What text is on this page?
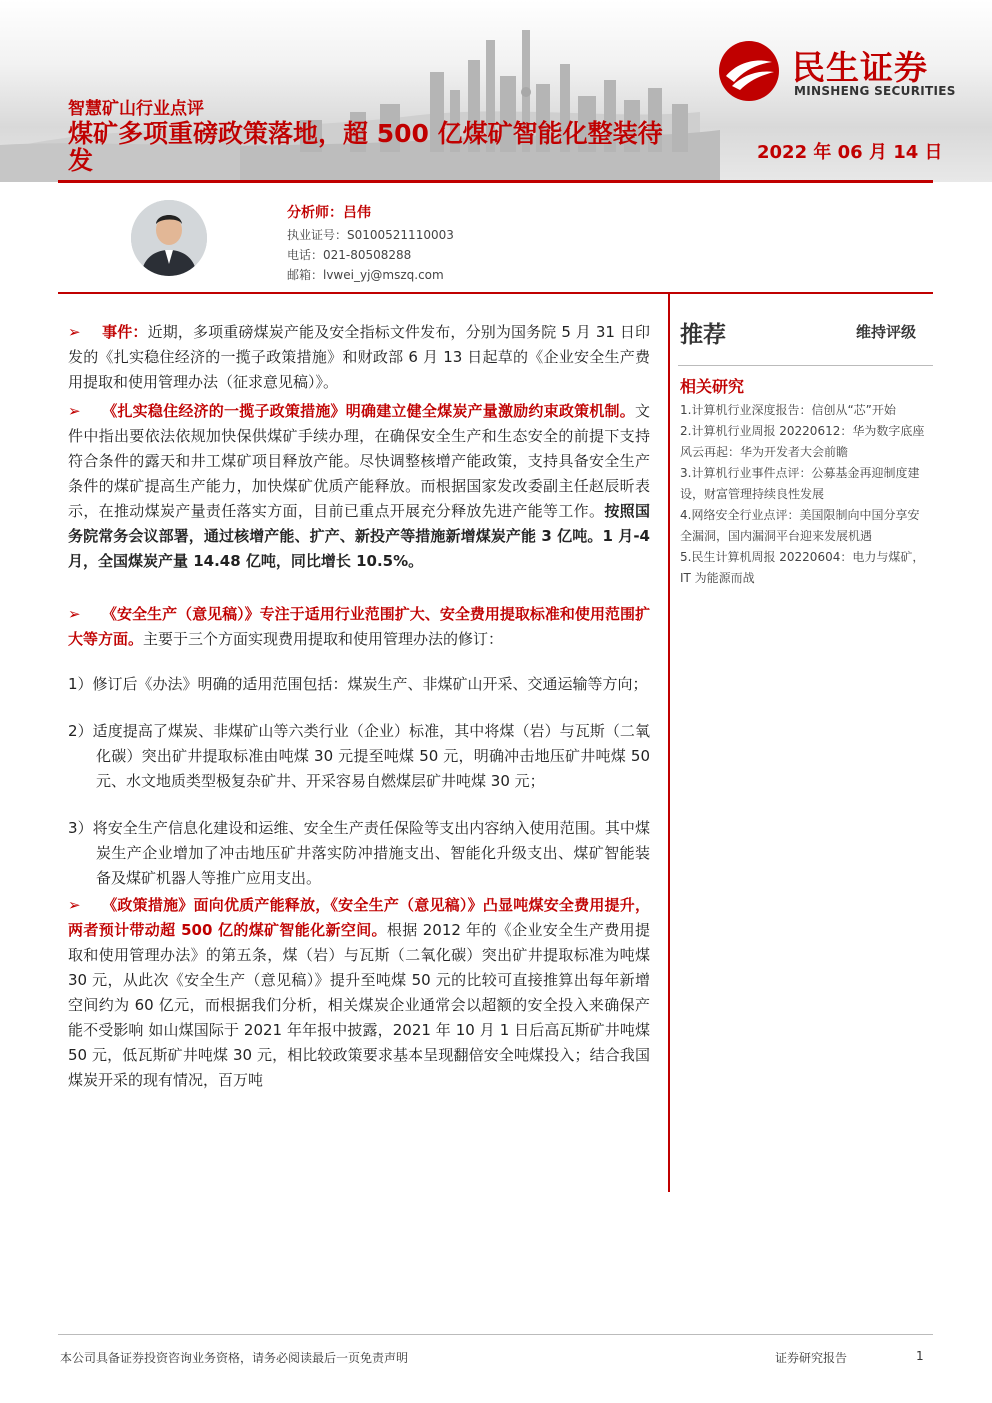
智慧矿山行业点评
煤矿多项重磅政策落地，超 500 亿煤矿智能化整装待发	2022 年 06 月 14 日
民生证券
MINSHENG SECURITIES
分析师：吕伟
执业证号：S0100521110003
电话：021-80508288
邮箱：lvwei_yj@mszq.com

➢ 事件：近期，多项重磅煤炭产能及安全指标文件发布，分别为国务院 5 月 31 日印发的《扎实稳住经济的一揽子政策措施》和财政部 6 月 13 日起草的《企业安全生产费用提取和使用管理办法（征求意见稿）》。

➢ 《扎实稳住经济的一揽子政策措施》明确建立健全煤炭产量激励约束政策机制。文件中指出要依法依规加快保供煤矿手续办理，在确保安全生产和生态安全的前提下支持符合条件的露天和井工煤矿项目释放产能。尽快调整核增产能政策，支持具备安全生产条件的煤矿提高生产能力，加快煤矿优质产能释放。而根据国家发改委副主任赵辰昕表示，在推动煤炭产量责任落实方面，目前已重点开展充分释放先进产能等工作。按照国务院常务会议部署，通过核增产能、扩产、新投产等措施新增煤炭产能 3 亿吨。1 月-4 月，全国煤炭产量 14.48 亿吨，同比增长 10.5%。

➢ 《安全生产（意见稿）》专注于适用行业范围扩大、安全费用提取标准和使用范围扩大等方面。主要于三个方面实现费用提取和使用管理办法的修订：

1）修订后《办法》明确的适用范围包括：煤炭生产、非煤矿山开采、交通运输等方向；

2）适度提高了煤炭、非煤矿山等六类行业（企业）标准，其中将煤（岩）与瓦斯（二氧化碳）突出矿井提取标准由吨煤 30 元提至吨煤 50 元，明确冲击地压矿井吨煤 50 元、水文地质类型极复杂矿井、开采容易自燃煤层矿井吨煤 30 元；

3）将安全生产信息化建设和运维、安全生产责任保险等支出内容纳入使用范围。其中煤炭生产企业增加了冲击地压矿井落实防冲措施支出、智能化升级支出、煤矿智能装备及煤矿机器人等推广应用支出。

➢ 《政策措施》面向优质产能释放，《安全生产（意见稿）》凸显吨煤安全费用提升，两者预计带动超 500 亿的煤矿智能化新空间。根据 2012 年的《企业安全生产费用提取和使用管理办法》的第五条，煤（岩）与瓦斯（二氧化碳）突出矿井提取标准为吨煤 30 元，从此次《安全生产（意见稿）》提升至吨煤 50 元的比较可直接推算出每年新增空间约为 60 亿元，而根据我们分析，相关煤炭企业通常会以超额的安全投入来确保产能不受影响 如山煤国际于 2021 年年报中披露，2021 年 10 月 1 日后高瓦斯矿井吨煤 50 元，低瓦斯矿井吨煤 30 元，相比较政策要求基本呈现翻倍安全吨煤投入；结合我国煤炭开采的现有情况，百万吨

推荐	维持评级
相关研究
1.计算机行业深度报告：信创从“芯”开始
2.计算机行业周报 20220612：华为数字底座风云再起：华为开发者大会前瞻
3.计算机行业事件点评：公募基金再迎制度建设，财富管理持续良性发展
4.网络安全行业点评：美国限制向中国分享安全漏洞，国内漏洞平台迎来发展机遇
5.民生计算机周报 20220604：电力与煤矿，IT 为能源而战
本公司具备证券投资咨询业务资格，请务必阅读最后一页免责声明	证券研究报告	1
